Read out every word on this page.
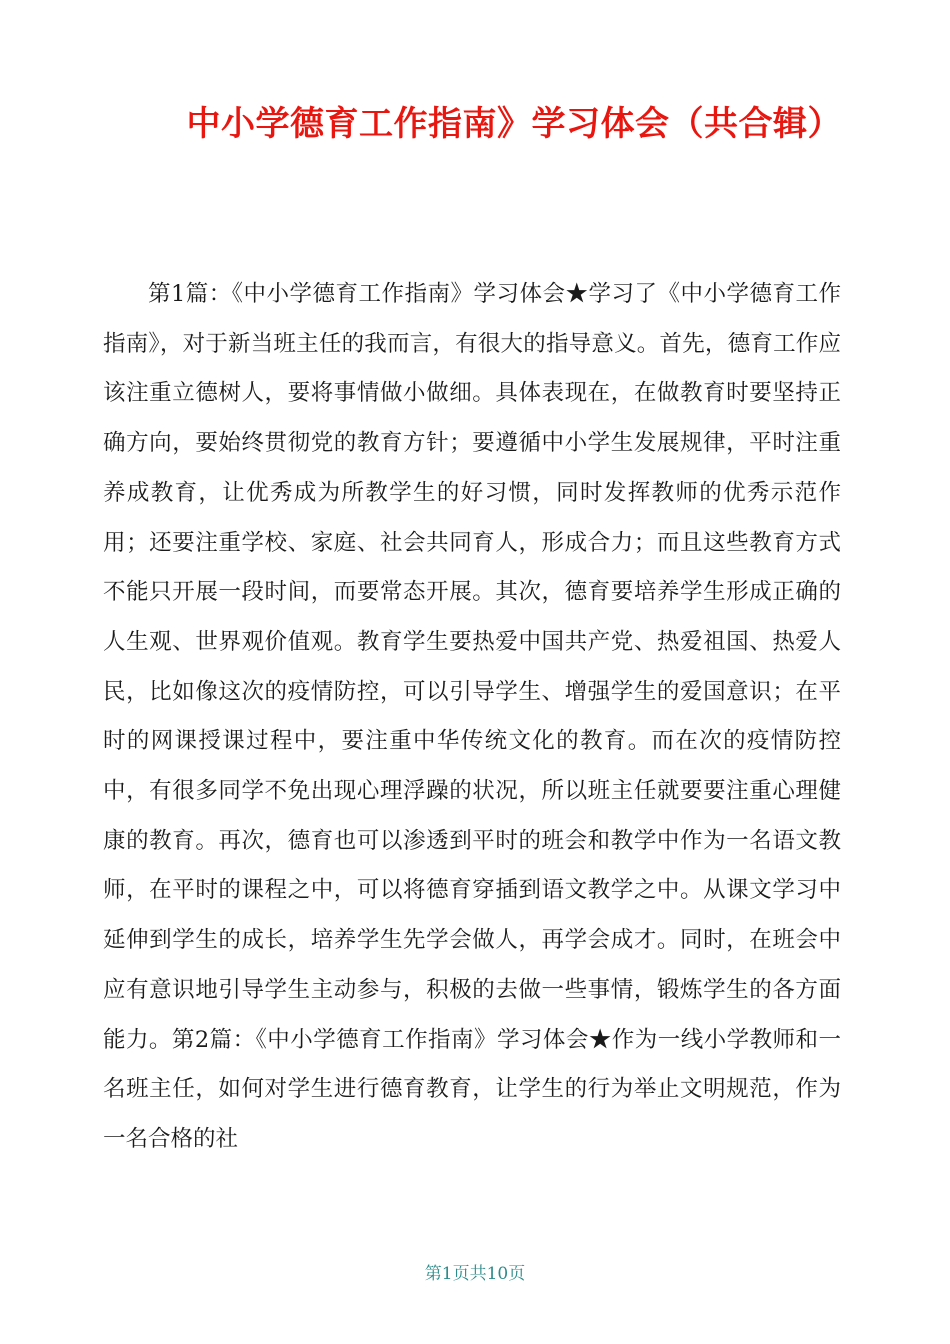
中小学德育工作指南》学习体会（共合辑）

第1篇：《中小学德育工作指南》学习体会★学习了《中小学德育工作指南》，对于新当班主任的我而言，有很大的指导意义。首先，德育工作应该注重立德树人，要将事情做小做细。具体表现在，在做教育时要坚持正确方向，要始终贯彻党的教育方针；要遵循中小学生发展规律，平时注重养成教育，让优秀成为所教学生的好习惯，同时发挥教师的优秀示范作用；还要注重学校、家庭、社会共同育人，形成合力；而且这些教育方式不能只开展一段时间，而要常态开展。其次，德育要培养学生形成正确的人生观、世界观价值观。教育学生要热爱中国共产党、热爱祖国、热爱人民，比如像这次的疫情防控，可以引导学生、增强学生的爱国意识；在平时的网课授课过程中，要注重中华传统文化的教育。而在次的疫情防控中，有很多同学不免出现心理浮躁的状况，所以班主任就要要注重心理健康的教育。再次，德育也可以渗透到平时的班会和教学中作为一名语文教师，在平时的课程之中，可以将德育穿插到语文教学之中。从课文学习中延伸到学生的成长，培养学生先学会做人，再学会成才。同时，在班会中应有意识地引导学生主动参与，积极的去做一些事情，锻炼学生的各方面能力。第2篇：《中小学德育工作指南》学习体会★作为一线小学教师和一名班主任，如何对学生进行德育教育，让学生的行为举止文明规范，作为一名合格的社

第1页共10页
